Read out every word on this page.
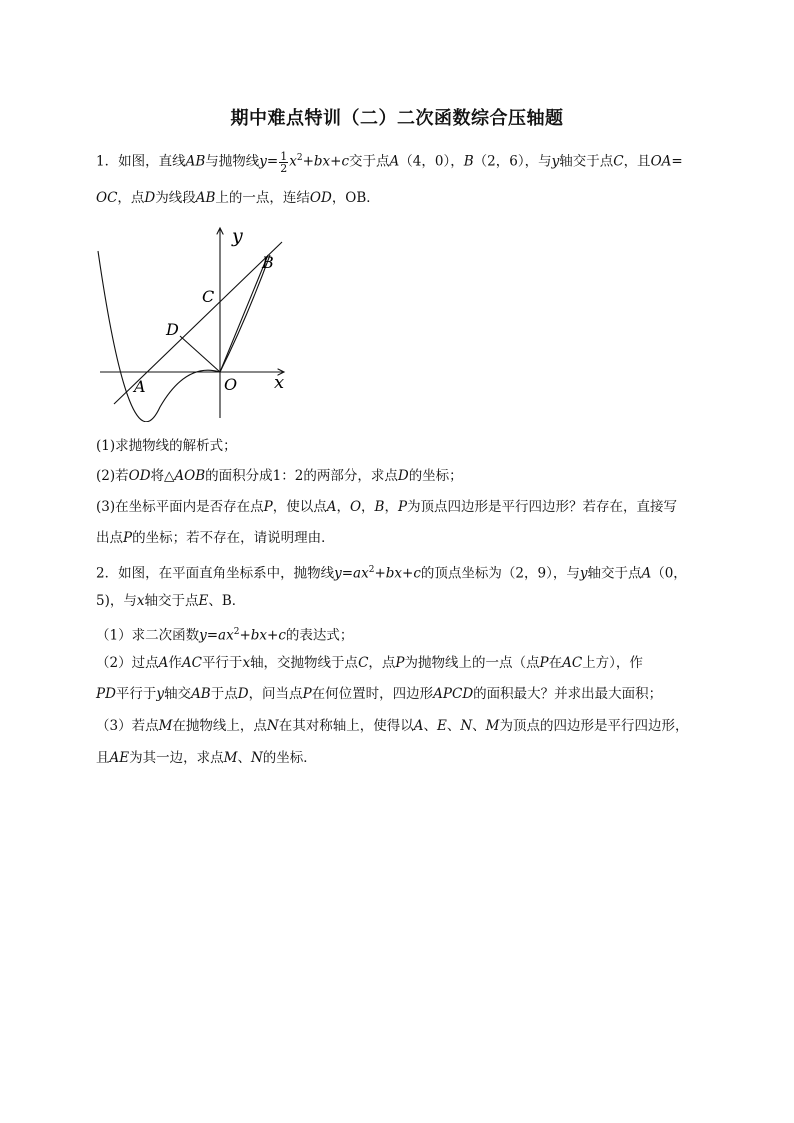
期中难点特训（二）二次函数综合压轴题
1．如图，直线AB与抛物线$y= \frac{1}{2} x^2+bx+c$交于点A（4，0），B（2，6），与y轴交于点C，且OA=
OC，点D为线段AB上的一点，连结OD，OB．
y
x
B
C
D
A	O
(1)求抛物线的解析式；
(2)若OD将△AOB的面积分成1：2的两部分，求点D的坐标；
(3)在坐标平面内是否存在点P，使以点A，O，B，P为顶点四边形是平行四边形？若存在，直接写
出点P的坐标；若不存在，请说明理由．
2．如图，在平面直角坐标系中，抛物线$y=ax^2+bx+c$的顶点坐标为（2，9），与y轴交于点A（0，
5)，与x轴交于点E、B．
（1）求二次函数$y=ax^2+bx+c$的表达式；
（2）过点A作AC平行于x轴，交抛物线于点C，点P为抛物线上的一点（点P在AC上方），作
PD平行于y轴交AB于点D，问当点P在何位置时，四边形APCD的面积最大？并求出最大面积；
（3）若点M在抛物线上，点N在其对称轴上，使得以A、E、N、M为顶点的四边形是平行四边形，
且AE为其一边，求点M、N的坐标．
